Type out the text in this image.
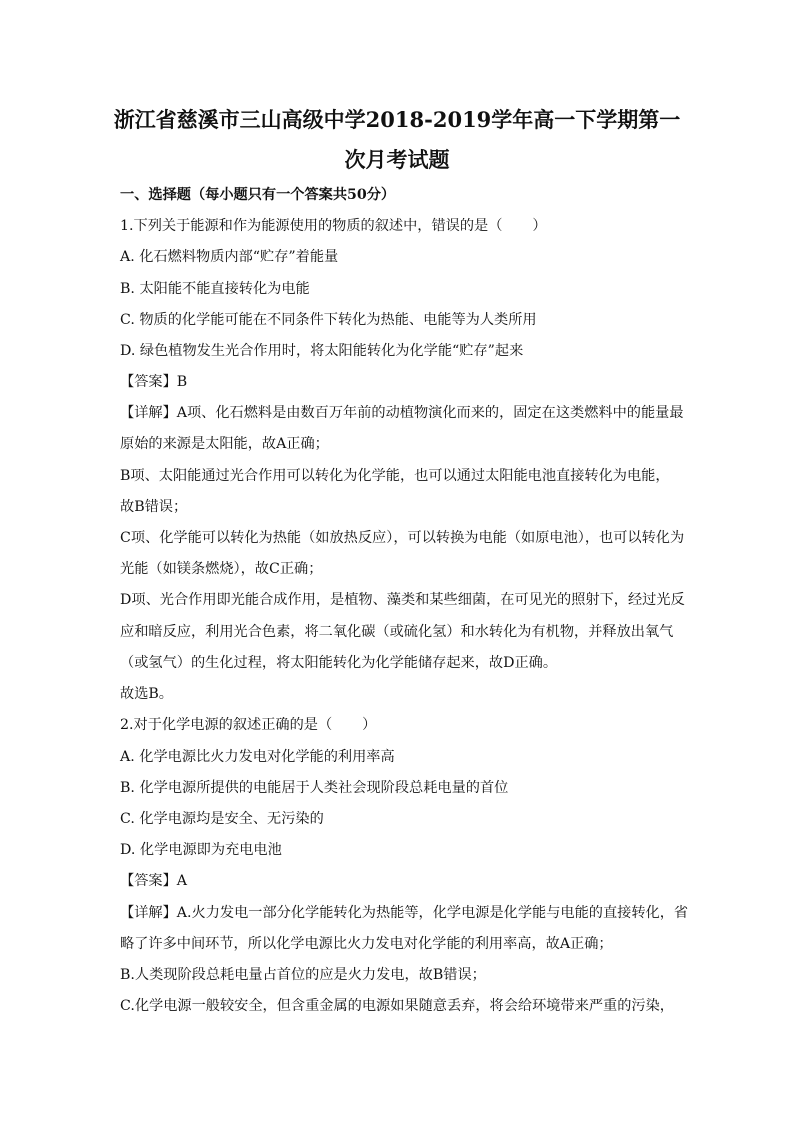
浙江省慈溪市三山高级中学2018-2019学年高一下学期第一
次月考试题
一、选择题（每小题只有一个答案共50分）
1.下列关于能源和作为能源使用的物质的叙述中，错误的是（ ）
A. 化石燃料物质内部“贮存”着能量
B. 太阳能不能直接转化为电能
C. 物质的化学能可能在不同条件下转化为热能、电能等为人类所用
D. 绿色植物发生光合作用时，将太阳能转化为化学能“贮存”起来
【答案】B
【详解】A项、化石燃料是由数百万年前的动植物演化而来的，固定在这类燃料中的能量最
原始的来源是太阳能，故A正确；
B项、太阳能通过光合作用可以转化为化学能，也可以通过太阳能电池直接转化为电能，
故B错误；
C项、化学能可以转化为热能（如放热反应），可以转换为电能（如原电池），也可以转化为
光能（如镁条燃烧），故C正确；
D项、光合作用即光能合成作用，是植物、藻类和某些细菌，在可见光的照射下，经过光反
应和暗反应，利用光合色素，将二氧化碳（或硫化氢）和水转化为有机物，并释放出氧气
（或氢气）的生化过程，将太阳能转化为化学能储存起来，故D正确。
故选B。
2.对于化学电源的叙述正确的是（ ）
A. 化学电源比火力发电对化学能的利用率高
B. 化学电源所提供的电能居于人类社会现阶段总耗电量的首位
C. 化学电源均是安全、无污染的
D. 化学电源即为充电电池
【答案】A
【详解】A.火力发电一部分化学能转化为热能等，化学电源是化学能与电能的直接转化，省
略了许多中间环节，所以化学电源比火力发电对化学能的利用率高，故A正确；
B.人类现阶段总耗电量占首位的应是火力发电，故B错误；
C.化学电源一般较安全，但含重金属的电源如果随意丢弃，将会给环境带来严重的污染，
